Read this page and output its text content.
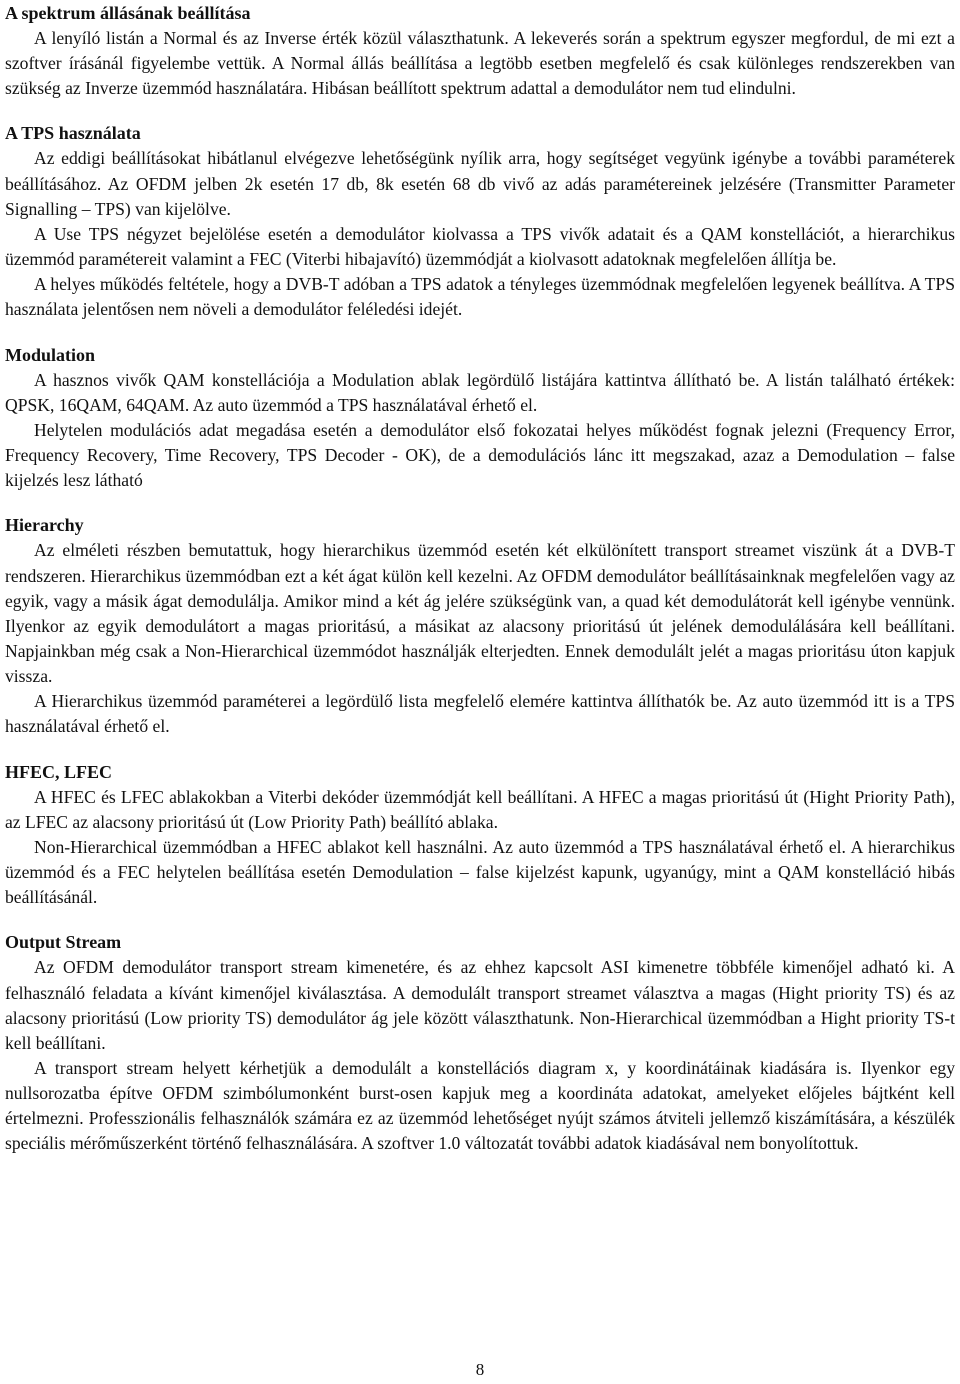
A spektrum állásának beállítása

A lenyíló listán a Normal és az Inverse érték közül választhatunk. A lekeverés során a spektrum egyszer megfordul, de mi ezt a szoftver írásánál figyelembe vettük. A Normal állás beállítása a legtöbb esetben megfelelő és csak különleges rendszerekben van szükség az Inverze üzemmód használatára. Hibásan beállított spektrum adattal a demodulátor nem tud elindulni.

A TPS használata

Az eddigi beállításokat hibátlanul elvégezve lehetőségünk nyílik arra, hogy segítséget vegyünk igénybe a további paraméterek beállításához. Az OFDM jelben 2k esetén 17 db, 8k esetén 68 db vivő az adás paramétereinek jelzésére (Transmitter Parameter Signalling – TPS) van kijelölve.

A Use TPS négyzet bejelölése esetén a demodulátor kiolvassa a TPS vivők adatait és a QAM konstellációt, a hierarchikus üzemmód paramétereit valamint a FEC (Viterbi hibajavító) üzemmódját a kiolvasott adatoknak megfelelően állítja be.

A helyes működés feltétele, hogy a DVB-T adóban a TPS adatok a tényleges üzemmódnak megfelelően legyenek beállítva. A TPS használata jelentősen nem növeli a demodulátor feléledési idejét.

Modulation

A hasznos vivők QAM konstellációja a Modulation ablak legördülő listájára kattintva állítható be. A listán található értékek: QPSK, 16QAM, 64QAM. Az auto üzemmód a TPS használatával érhető el.

Helytelen modulációs adat megadása esetén a demodulátor első fokozatai helyes működést fognak jelezni (Frequency Error, Frequency Recovery, Time Recovery, TPS Decoder - OK), de a demodulációs lánc itt megszakad, azaz a Demodulation – false kijelzés lesz látható

Hierarchy

Az elméleti részben bemutattuk, hogy hierarchikus üzemmód esetén két elkülönített transport streamet viszünk át a DVB-T rendszeren. Hierarchikus üzemmódban ezt a két ágat külön kell kezelni. Az OFDM demodulátor beállításainknak megfelelően vagy az egyik, vagy a másik ágat demodulálja. Amikor mind a két ág jelére szükségünk van, a quad két demodulátorát kell igénybe vennünk. Ilyenkor az egyik demodulátort a magas prioritású, a másikat az alacsony prioritású út jelének demodulálására kell beállítani. Napjainkban még csak a Non-Hierarchical üzemmódot használják elterjedten. Ennek demodulált jelét a magas prioritásu úton kapjuk vissza.

A Hierarchikus üzemmód paraméterei a legördülő lista megfelelő elemére kattintva állíthatók be. Az auto üzemmód itt is a TPS használatával érhető el.

HFEC, LFEC

A HFEC és LFEC ablakokban a Viterbi dekóder üzemmódját kell beállítani. A HFEC a magas prioritású út (Hight Priority Path), az LFEC az alacsony prioritású út (Low Priority Path) beállító ablaka.

Non-Hierarchical üzemmódban a HFEC ablakot kell használni. Az auto üzemmód a TPS használatával érhető el. A hierarchikus üzemmód és a FEC helytelen beállítása esetén Demodulation – false kijelzést kapunk, ugyanúgy, mint a QAM konstelláció hibás beállításánál.

Output Stream

Az OFDM demodulátor transport stream kimenetére, és az ehhez kapcsolt ASI kimenetre többféle kimenőjel adható ki. A felhasználó feladata a kívánt kimenőjel kiválasztása. A demodulált transport streamet választva a magas (Hight priority TS) és az alacsony prioritású (Low priority TS) demodulátor ág jele között választhatunk. Non-Hierarchical üzemmódban a Hight priority TS-t kell beállítani.

A transport stream helyett kérhetjük a demodulált a konstellációs diagram x, y koordinátáinak kiadására is. Ilyenkor egy nullsorozatba építve OFDM szimbólumonként burst-osen kapjuk meg a koordináta adatokat, amelyeket előjeles bájtként kell értelmezni. Professzionális felhasználók számára ez az üzemmód lehetőséget nyújt számos átviteli jellemző kiszámítására, a készülék speciális mérőműszerként történő felhasználására. A szoftver 1.0 változatát további adatok kiadásával nem bonyolítottuk.

8
